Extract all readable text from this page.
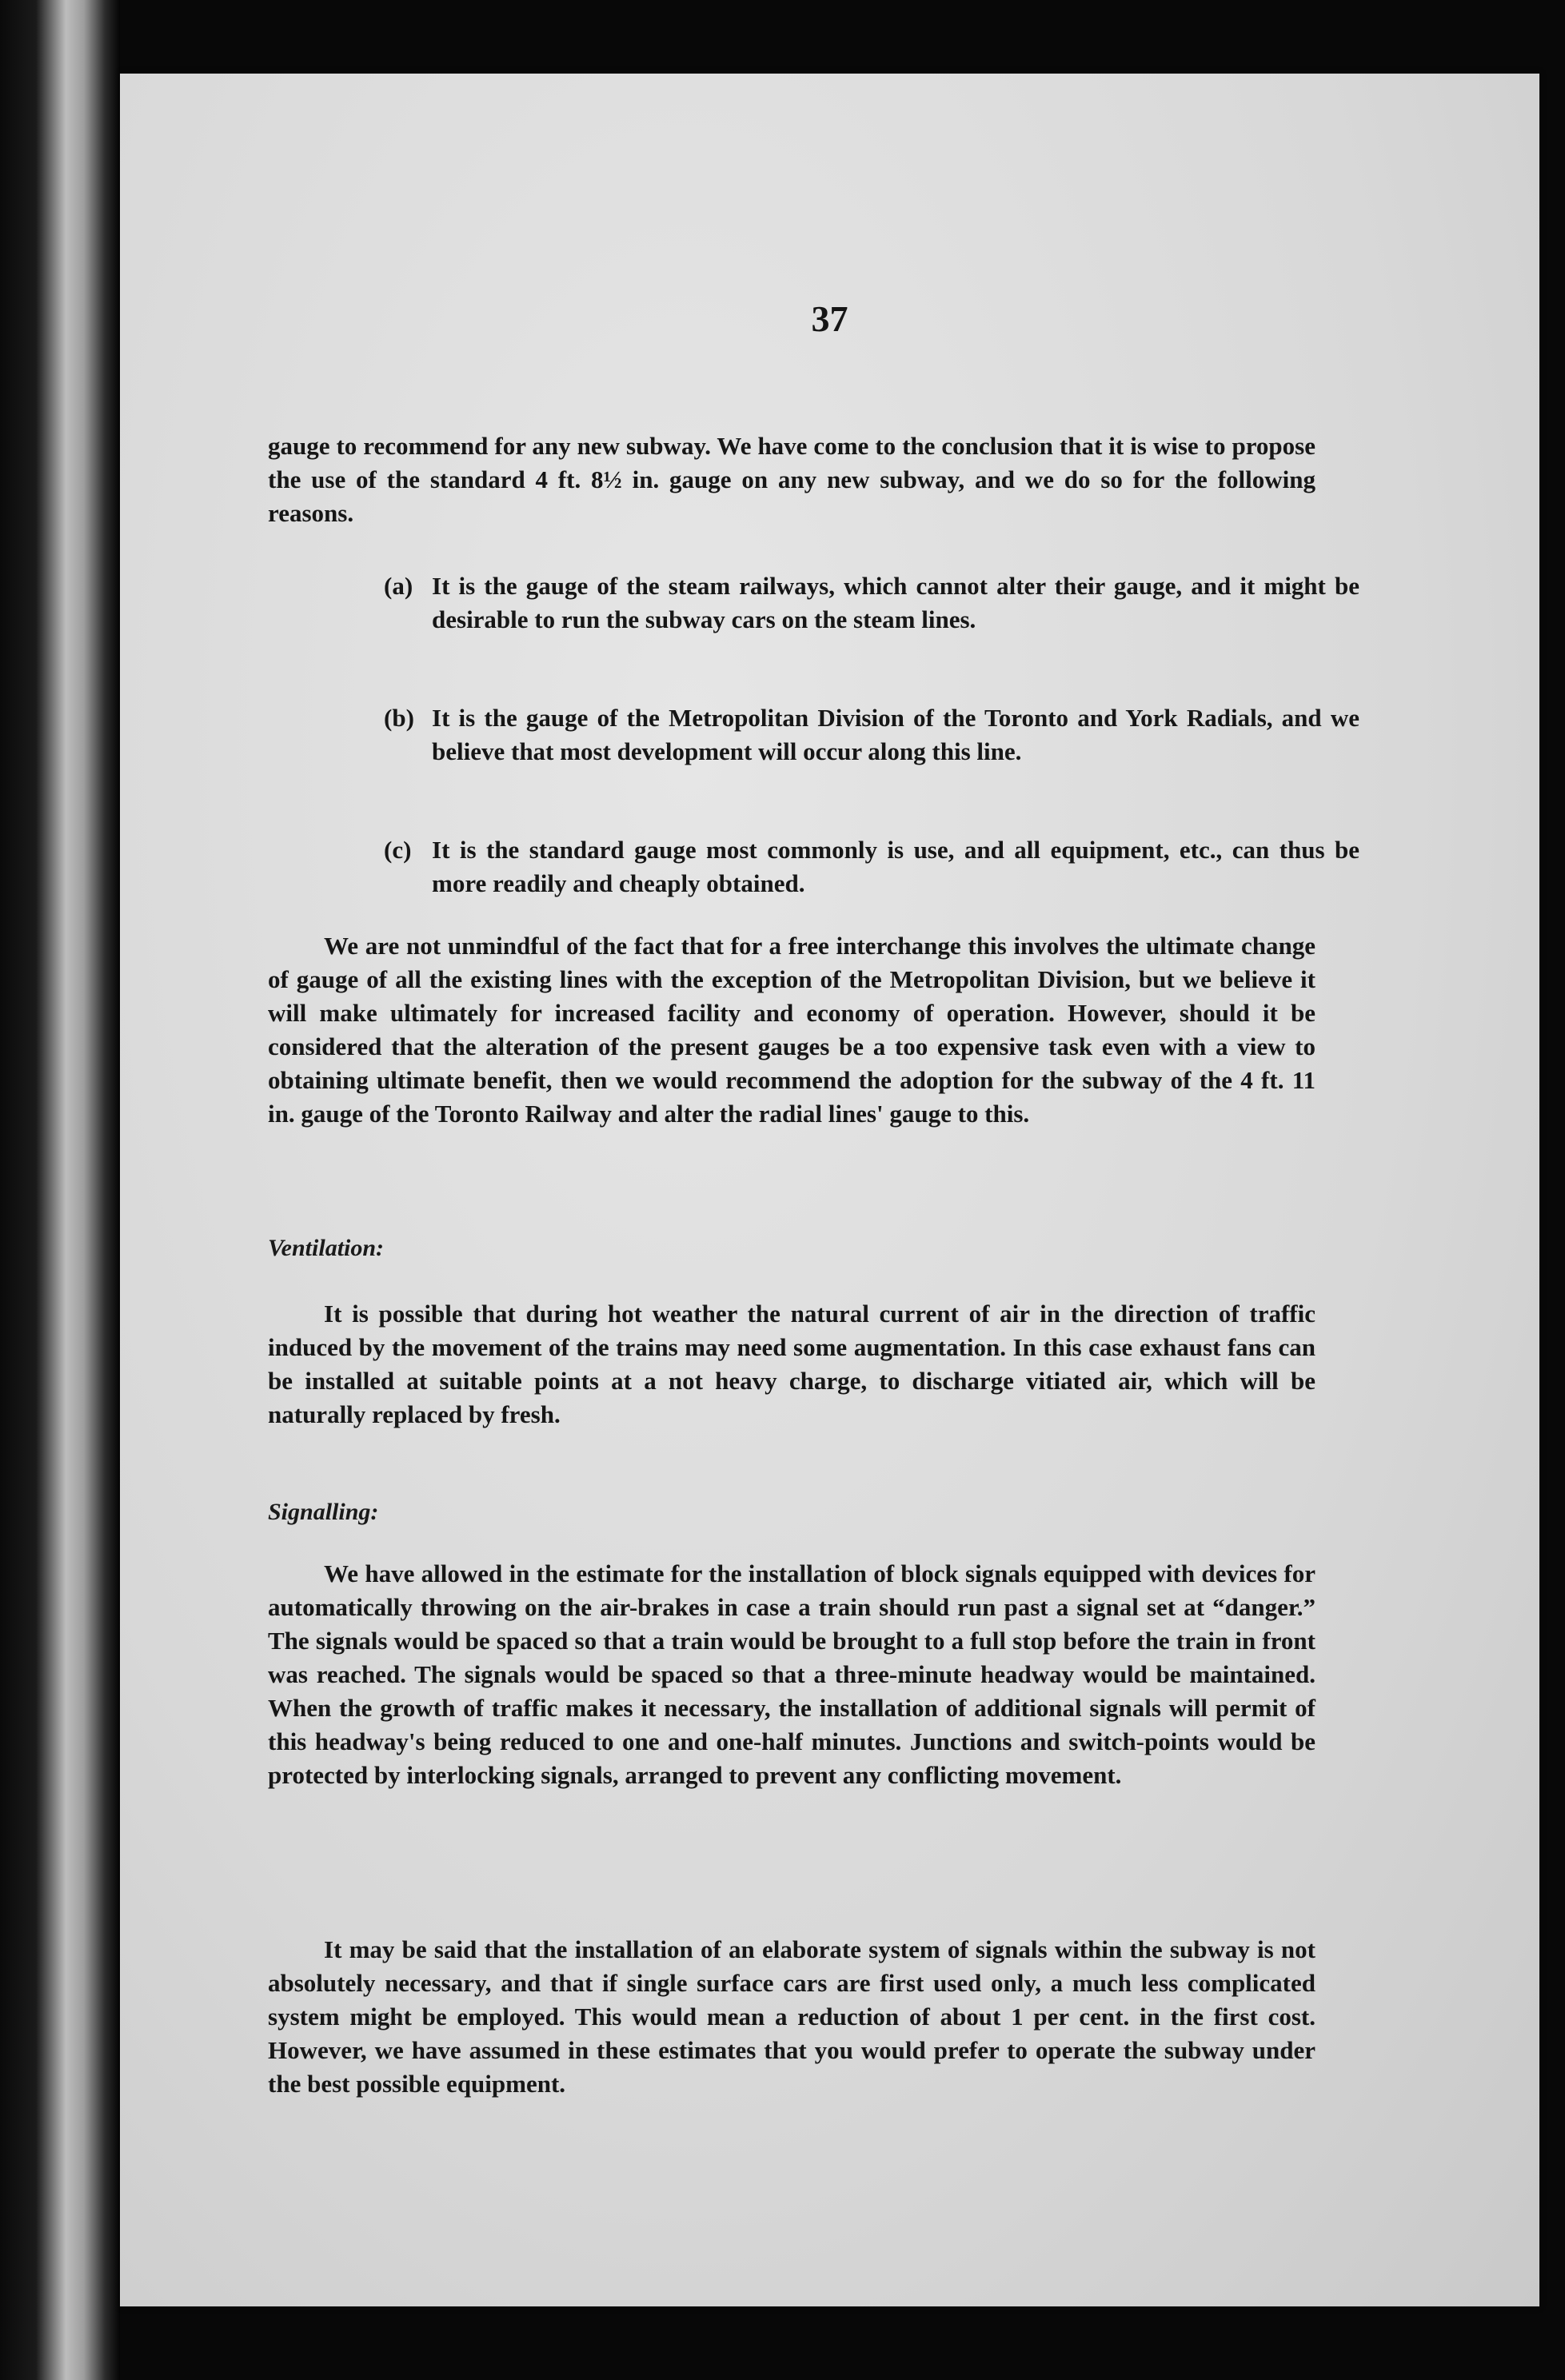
37
gauge to recommend for any new subway. We have come to the conclusion that it is wise to propose the use of the standard 4 ft. 8½ in. gauge on any new subway, and we do so for the following reasons.
(a) It is the gauge of the steam railways, which cannot alter their gauge, and it might be desirable to run the subway cars on the steam lines.
(b) It is the gauge of the Metropolitan Division of the Toronto and York Radials, and we believe that most development will occur along this line.
(c) It is the standard gauge most commonly is use, and all equipment, etc., can thus be more readily and cheaply obtained.
We are not unmindful of the fact that for a free interchange this involves the ultimate change of gauge of all the existing lines with the exception of the Metropolitan Division, but we believe it will make ultimately for increased facility and economy of operation. However, should it be considered that the alteration of the present gauges be a too expensive task even with a view to obtaining ultimate benefit, then we would recommend the adoption for the subway of the 4 ft. 11 in. gauge of the Toronto Railway and alter the radial lines' gauge to this.
Ventilation:
It is possible that during hot weather the natural current of air in the direction of traffic induced by the movement of the trains may need some augmentation. In this case exhaust fans can be installed at suitable points at a not heavy charge, to discharge vitiated air, which will be naturally replaced by fresh.
Signalling:
We have allowed in the estimate for the installation of block signals equipped with devices for automatically throwing on the air-brakes in case a train should run past a signal set at “danger.” The signals would be spaced so that a train would be brought to a full stop before the train in front was reached. The signals would be spaced so that a three-minute headway would be maintained. When the growth of traffic makes it necessary, the installation of additional signals will permit of this headway's being reduced to one and one-half minutes. Junctions and switch-points would be protected by interlocking signals, arranged to prevent any conflicting movement.
It may be said that the installation of an elaborate system of signals within the subway is not absolutely necessary, and that if single surface cars are first used only, a much less complicated system might be employed. This would mean a reduction of about 1 per cent. in the first cost. However, we have assumed in these estimates that you would prefer to operate the subway under the best possible equipment.
